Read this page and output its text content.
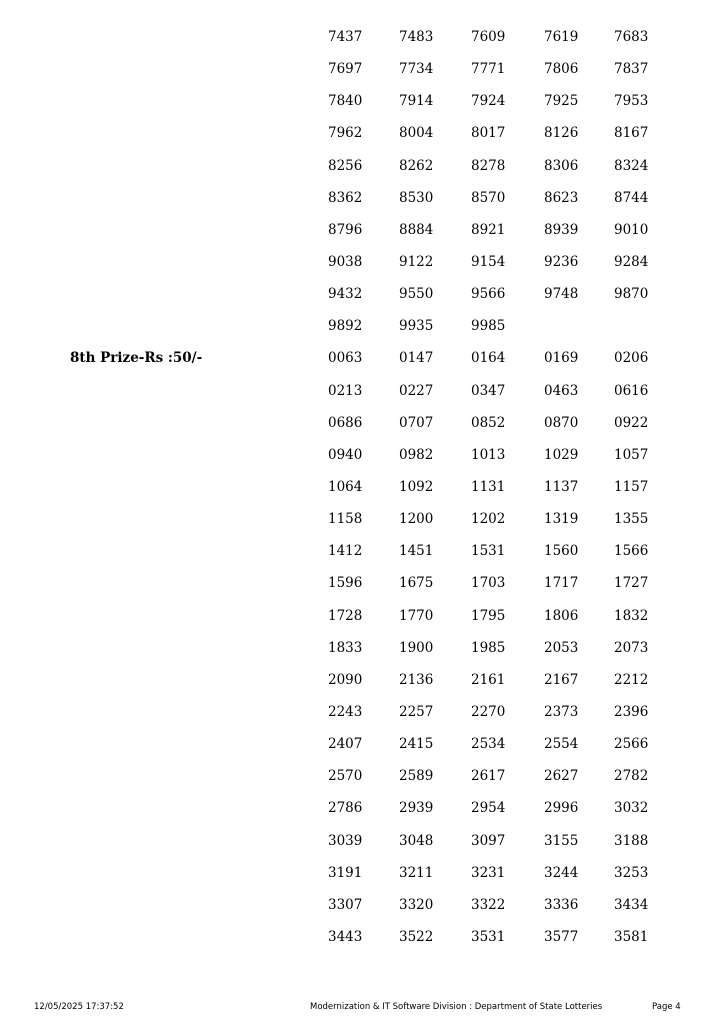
7437	7483	7609	7619	7683
7697	7734	7771	7806	7837
7840	7914	7924	7925	7953
7962	8004	8017	8126	8167
8256	8262	8278	8306	8324
8362	8530	8570	8623	8744
8796	8884	8921	8939	9010
9038	9122	9154	9236	9284
9432	9550	9566	9748	9870
9892	9935	9985
8th Prize-Rs :50/-	0063	0147	0164	0169	0206
0213	0227	0347	0463	0616
0686	0707	0852	0870	0922
0940	0982	1013	1029	1057
1064	1092	1131	1137	1157
1158	1200	1202	1319	1355
1412	1451	1531	1560	1566
1596	1675	1703	1717	1727
1728	1770	1795	1806	1832
1833	1900	1985	2053	2073
2090	2136	2161	2167	2212
2243	2257	2270	2373	2396
2407	2415	2534	2554	2566
2570	2589	2617	2627	2782
2786	2939	2954	2996	3032
3039	3048	3097	3155	3188
3191	3211	3231	3244	3253
3307	3320	3322	3336	3434
3443	3522	3531	3577	3581
12/05/2025 17:37:52	Modernization & IT Software Division : Department of State Lotteries	Page 4
